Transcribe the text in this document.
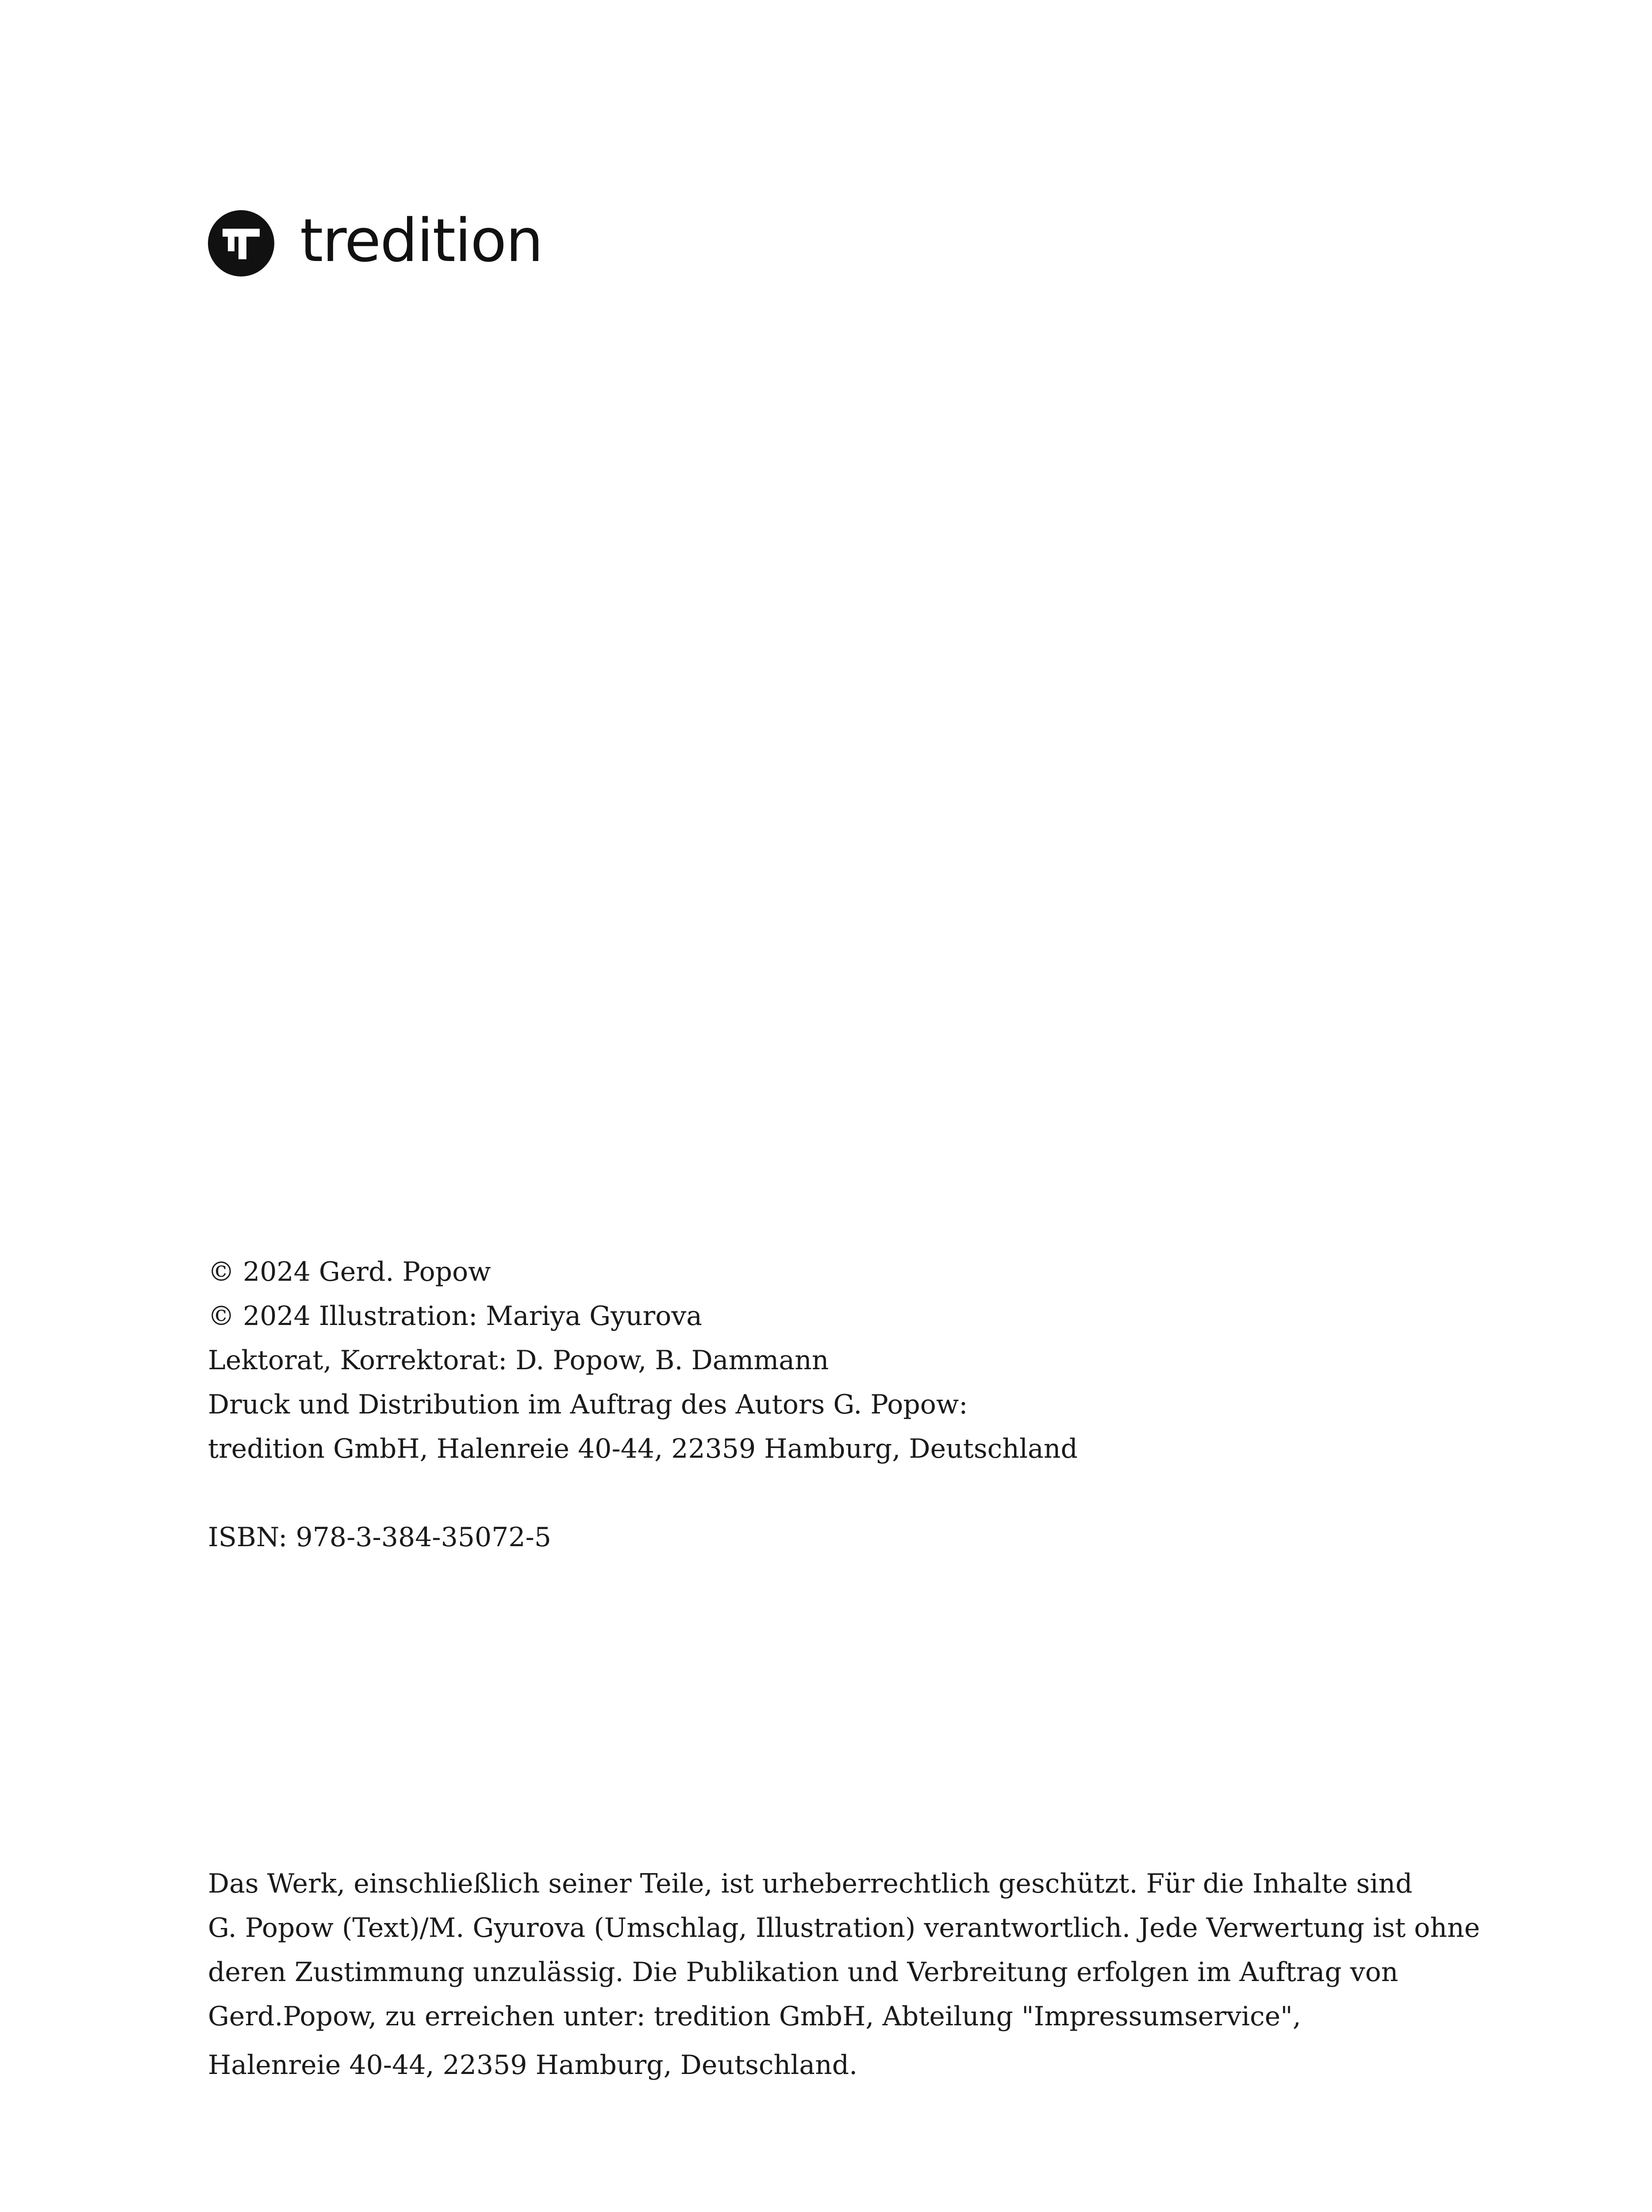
tredition
© 2024 Gerd. Popow
© 2024 Illustration: Mariya Gyurova
Lektorat, Korrektorat: D. Popow, B. Dammann
Druck und Distribution im Auftrag des Autors G. Popow:
tredition GmbH, Halenreie 40-44, 22359 Hamburg, Deutschland
ISBN: 978-3-384-35072-5
Das Werk, einschließlich seiner Teile, ist urheberrechtlich geschützt. Für die Inhalte sind
G. Popow (Text)/M. Gyurova (Umschlag, Illustration) verantwortlich. Jede Verwertung ist ohne
deren Zustimmung unzulässig. Die Publikation und Verbreitung erfolgen im Auftrag von
Gerd.Popow, zu erreichen unter: tredition GmbH, Abteilung "Impressumservice",
Halenreie 40-44, 22359 Hamburg, Deutschland.
